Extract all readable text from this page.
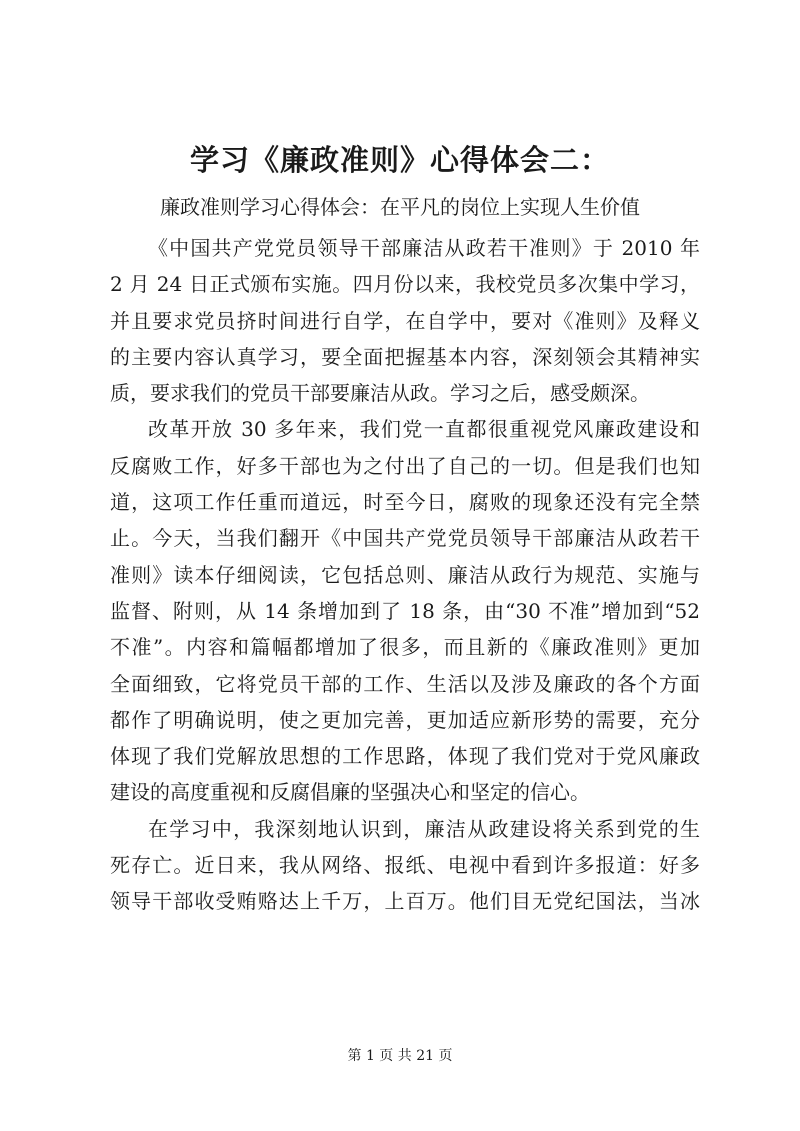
学习《廉政准则》心得体会二：

廉政准则学习心得体会：在平凡的岗位上实现人生价值

《中国共产党党员领导干部廉洁从政若干准则》于 2010 年
2 月 24 日正式颁布实施。四月份以来，我校党员多次集中学习，
并且要求党员挤时间进行自学，在自学中，要对《准则》及释义
的主要内容认真学习，要全面把握基本内容，深刻领会其精神实
质，要求我们的党员干部要廉洁从政。学习之后，感受颇深。
改革开放 30 多年来，我们党一直都很重视党风廉政建设和
反腐败工作，好多干部也为之付出了自己的一切。但是我们也知
道，这项工作任重而道远，时至今日，腐败的现象还没有完全禁
止。今天，当我们翻开《中国共产党党员领导干部廉洁从政若干
准则》读本仔细阅读，它包括总则、廉洁从政行为规范、实施与
监督、附则，从 14 条增加到了 18 条，由“30 不准”增加到“52
不准”。内容和篇幅都增加了很多，而且新的《廉政准则》更加
全面细致，它将党员干部的工作、生活以及涉及廉政的各个方面
都作了明确说明，使之更加完善，更加适应新形势的需要，充分
体现了我们党解放思想的工作思路，体现了我们党对于党风廉政
建设的高度重视和反腐倡廉的坚强决心和坚定的信心。
在学习中，我深刻地认识到，廉洁从政建设将关系到党的生
死存亡。近日来，我从网络、报纸、电视中看到许多报道：好多
领导干部收受贿赂达上千万，上百万。他们目无党纪国法，当冰

第 1 页 共 21 页
